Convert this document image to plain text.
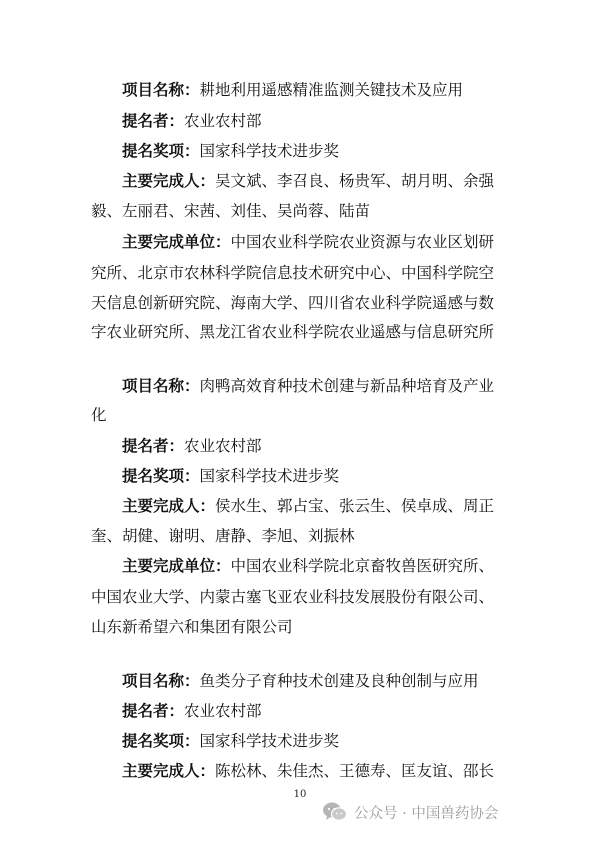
项目名称：耕地利用遥感精准监测关键技术及应用
提名者：农业农村部
提名奖项：国家科学技术进步奖
主要完成人：吴文斌、李召良、杨贵军、胡月明、余强
毅、左丽君、宋茜、刘佳、吴尚蓉、陆苗
主要完成单位：中国农业科学院农业资源与农业区划研
究所、北京市农林科学院信息技术研究中心、中国科学院空
天信息创新研究院、海南大学、四川省农业科学院遥感与数
字农业研究所、黑龙江省农业科学院农业遥感与信息研究所
项目名称：肉鸭高效育种技术创建与新品种培育及产业
化
提名者：农业农村部
提名奖项：国家科学技术进步奖
主要完成人：侯水生、郭占宝、张云生、侯卓成、周正
奎、胡健、谢明、唐静、李旭、刘振林
主要完成单位：中国农业科学院北京畜牧兽医研究所、
中国农业大学、内蒙古塞飞亚农业科技发展股份有限公司、
山东新希望六和集团有限公司
项目名称：鱼类分子育种技术创建及良种创制与应用
提名者：农业农村部
提名奖项：国家科学技术进步奖
主要完成人：陈松林、朱佳杰、王德寿、匡友谊、邵长
10
公众号 · 中国兽药协会
